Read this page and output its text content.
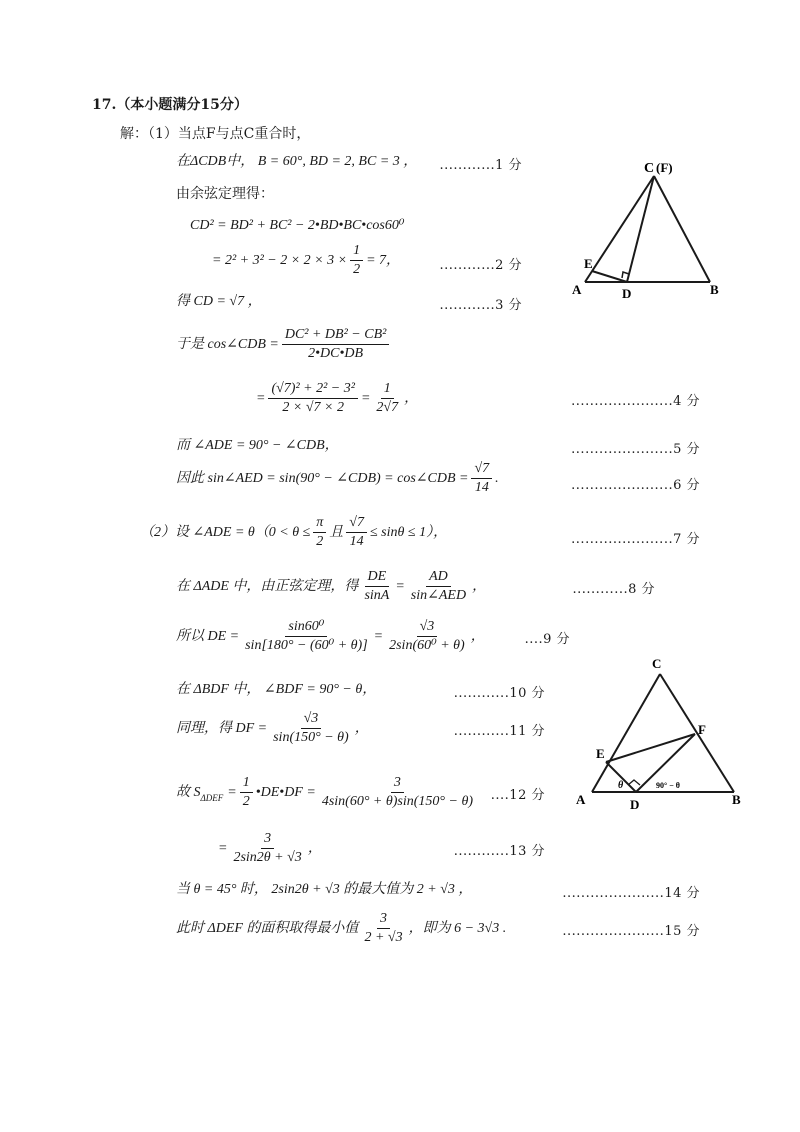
17.（本小题满分15分）
解：（1）当点F与点C重合时，
在ΔCDB中， B = 60°, BD = 2, BC = 3 ， ............1 分
由余弦定理得：
CD² = BD² + BC² − 2•BD•BC•cos60⁰
= $2^2 + 3^2 - 2 \times 2 \times 3 \times \frac{1}{2} = 7$，	............2 分
得 CD = √7 ，	............3 分
于是 cos∠CDB = $\frac{\text{DC² + DB² − CB²}}{2•DC•DB}$
= $\frac{\text{(√7)² + 2² − 3²}}{2 \times √7 \times 2} = \frac{1}{2√7}$ ，	......................4 分
而 ∠ADE = 90° − ∠CDB，	......................5 分
因此 sin∠AED = sin(90° − ∠CDB) = cos∠CDB = $\frac{√7}{14}$ .	......................6 分
（2）设 ∠ADE = $\theta(0 < \theta \le \frac{\pi}{2}$ 且 $\frac{√7}{14} \le \sin\theta \le 1$），	......................7 分
在 ΔADE 中，由正弦定理，得 $\frac{DE}{\sin A} = \frac{AD}{\text{sin∠AED}}$ ，	............8 分
所以 DE = $\frac{\text{sin60⁰}}{\text{sin[180° − (60⁰ + θ)]}} = \frac{√3}{\text{2sin(60⁰ + θ)}}$ ，	....9 分
在 ΔBDF 中， ∠BDF = 90° − θ，	............10 分
同理，得 DF = $\frac{√3}{\sin(150^\circ - \theta)}$ ，	............11 分
故 $S_{\Delta DEF} = \frac{1}{2}$ •DE•DF = $\frac{3}{4\sin(60^\circ + \theta)\sin(150^\circ - \theta)} ....12$ 分
= $\frac{3}{2\sin 2\theta + √3}$ ，	............13 分
当 θ = 45° 时， 2sin2θ + √3 的最大值为 2 + √3 ，	......................14 分
此时 ΔDEF 的面积取得最小值 $\frac{3}{2 + √3}$ ，即为 6 − 3√3 .	......................15 分
C (F)
E
A	D	B
C
F
E
A	D	B
θ	90° − θ
